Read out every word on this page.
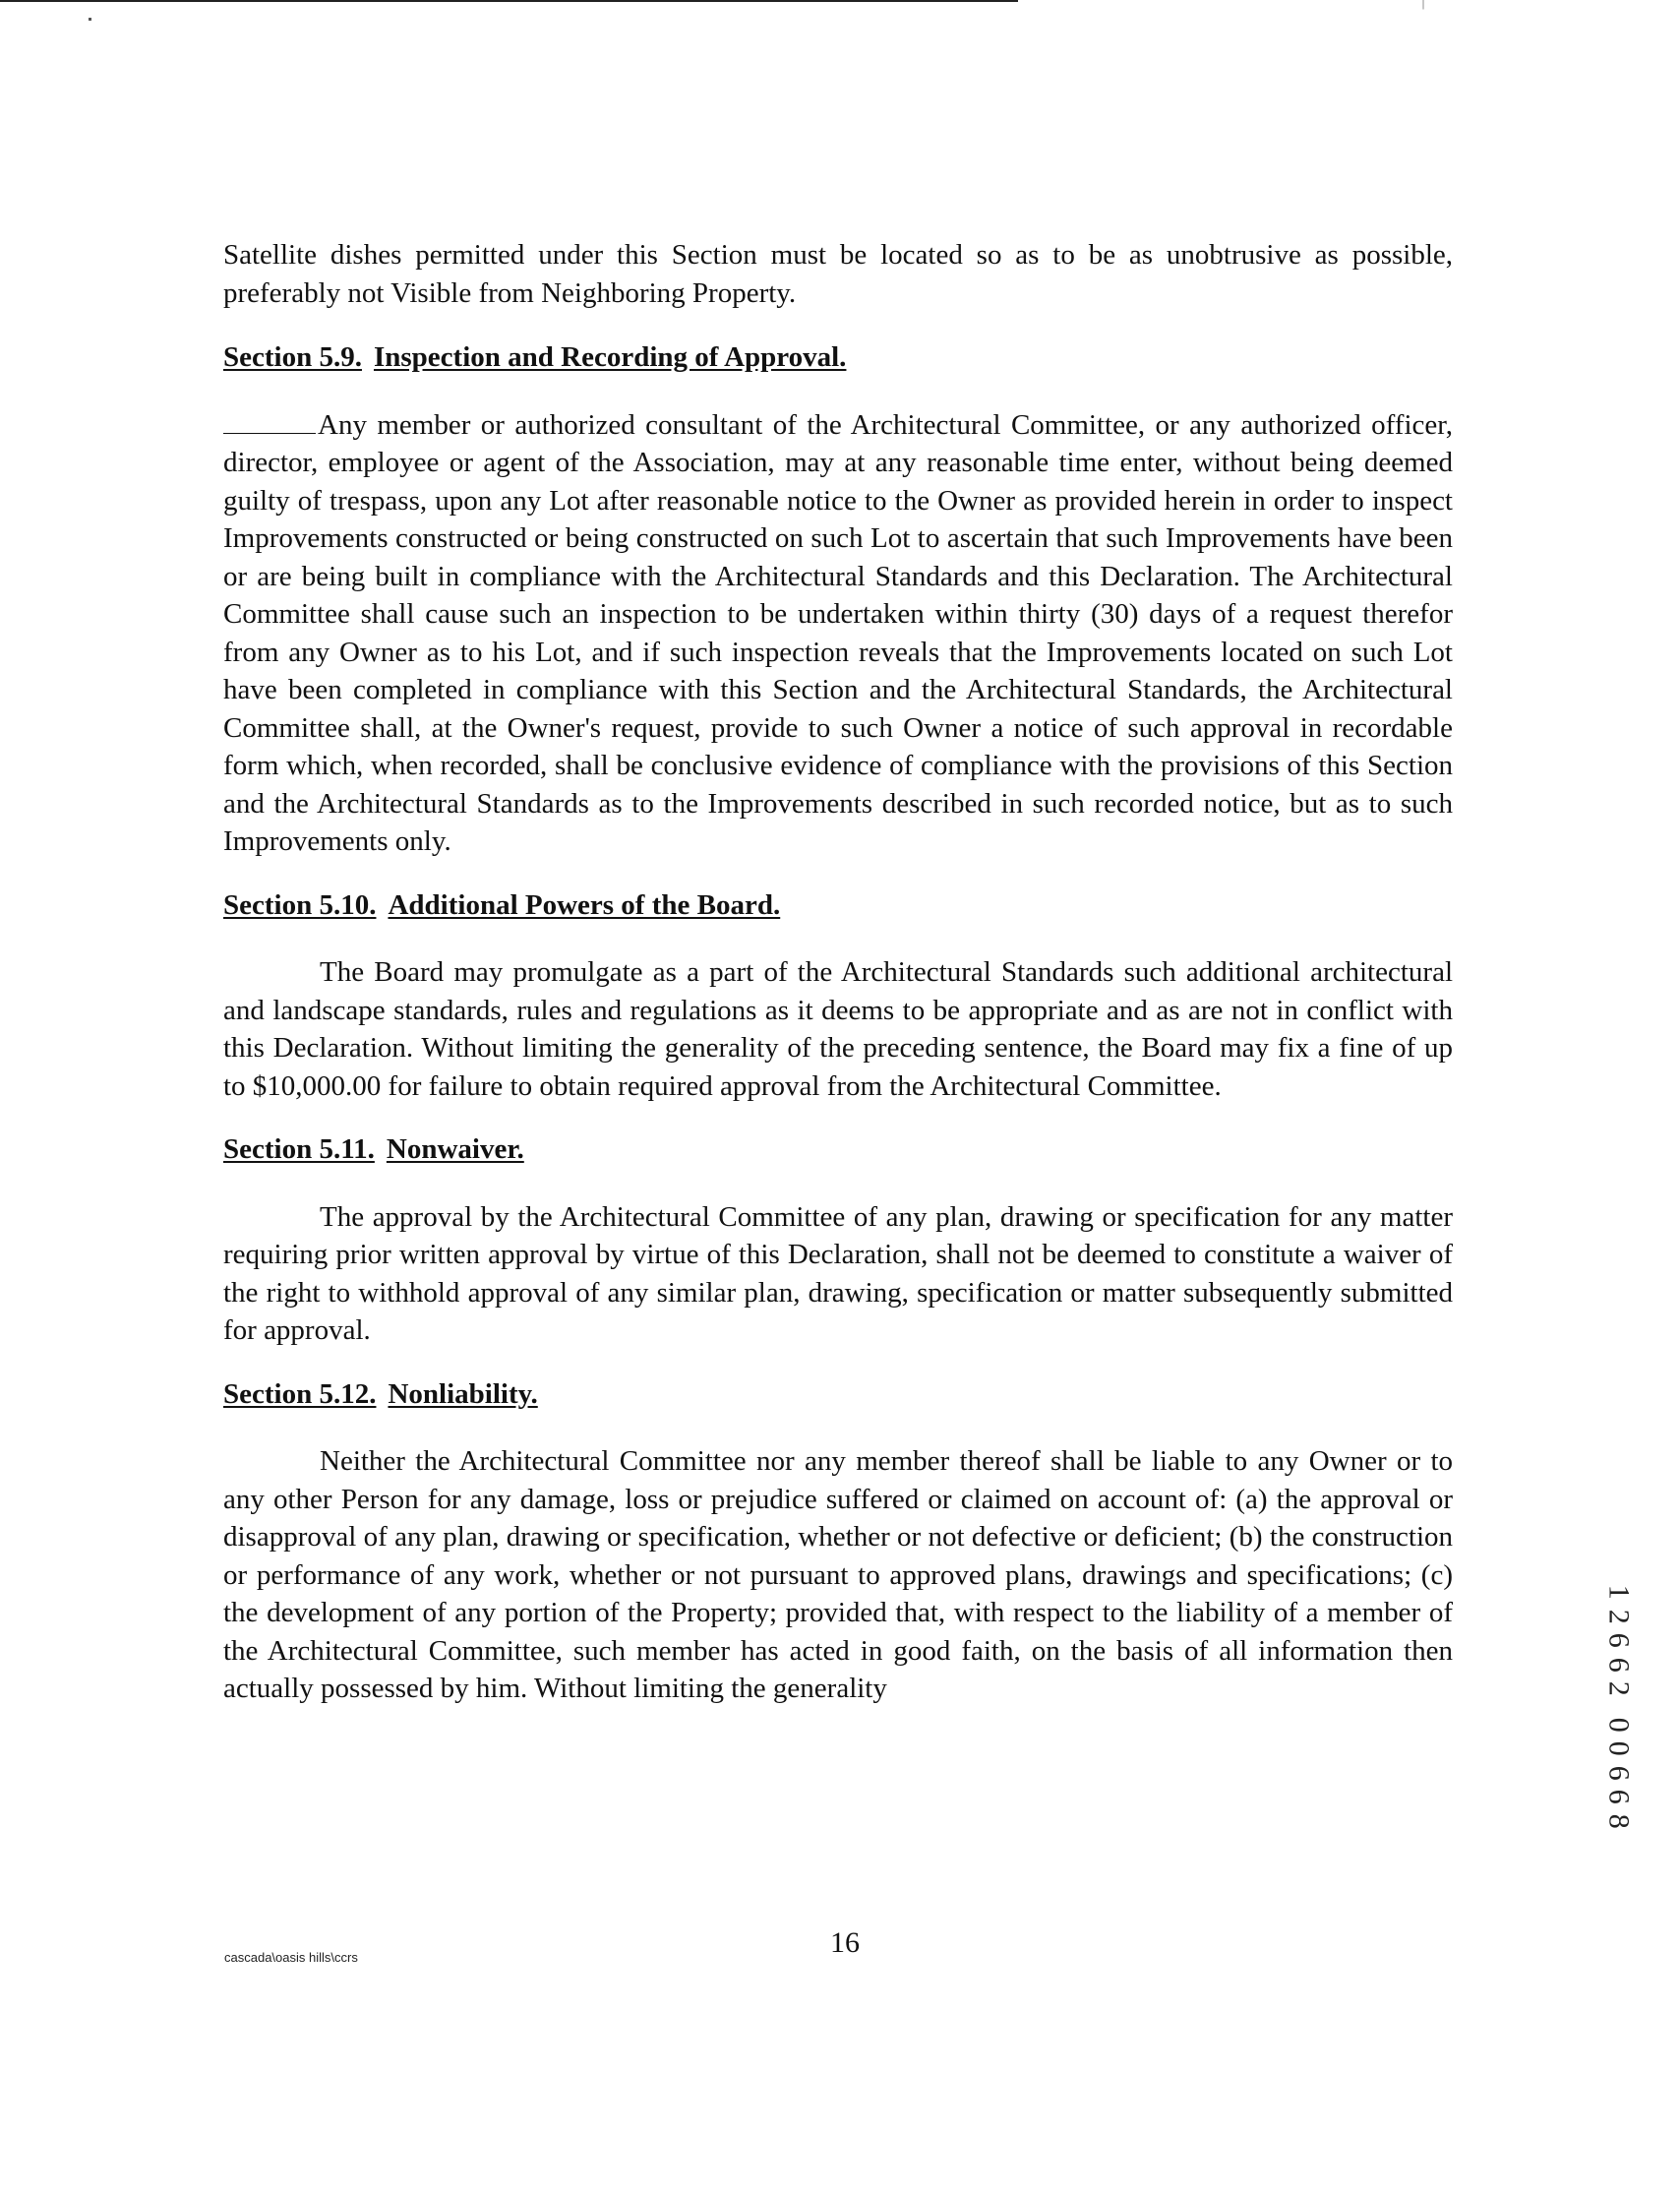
|

Satellite dishes permitted under this Section must be located so as to be as unobtrusive as possible, preferably not Visible from Neighboring Property.

Section 5.9. Inspection and Recording of Approval.

Any member or authorized consultant of the Architectural Committee, or any authorized officer, director, employee or agent of the Association, may at any reasonable time enter, without being deemed guilty of trespass, upon any Lot after reasonable notice to the Owner as provided herein in order to inspect Improvements constructed or being constructed on such Lot to ascertain that such Improvements have been or are being built in compliance with the Architectural Standards and this Declaration. The Architectural Committee shall cause such an inspection to be undertaken within thirty (30) days of a request therefor from any Owner as to his Lot, and if such inspection reveals that the Improvements located on such Lot have been completed in compliance with this Section and the Architectural Standards, the Architectural Committee shall, at the Owner's request, provide to such Owner a notice of such approval in recordable form which, when recorded, shall be conclusive evidence of compliance with the provisions of this Section and the Architectural Standards as to the Improvements described in such recorded notice, but as to such Improvements only.

Section 5.10. Additional Powers of the Board.

The Board may promulgate as a part of the Architectural Standards such additional architectural and landscape standards, rules and regulations as it deems to be appropriate and as are not in conflict with this Declaration. Without limiting the generality of the preceding sentence, the Board may fix a fine of up to $10,000.00 for failure to obtain required approval from the Architectural Committee.

Section 5.11. Nonwaiver.

The approval by the Architectural Committee of any plan, drawing or specification for any matter requiring prior written approval by virtue of this Declaration, shall not be deemed to constitute a waiver of the right to withhold approval of any similar plan, drawing, specification or matter subsequently submitted for approval.

Section 5.12. Nonliability.

Neither the Architectural Committee nor any member thereof shall be liable to any Owner or to any other Person for any damage, loss or prejudice suffered or claimed on account of: (a) the approval or disapproval of any plan, drawing or specification, whether or not defective or deficient; (b) the construction or performance of any work, whether or not pursuant to approved plans, drawings and specifications; (c) the development of any portion of the Property; provided that, with respect to the liability of a member of the Architectural Committee, such member has acted in good faith, on the basis of all information then actually possessed by him. Without limiting the generality

cascada\oasis hills\ccrs	16
1
2
6
6
2
0
0
6
6
8
